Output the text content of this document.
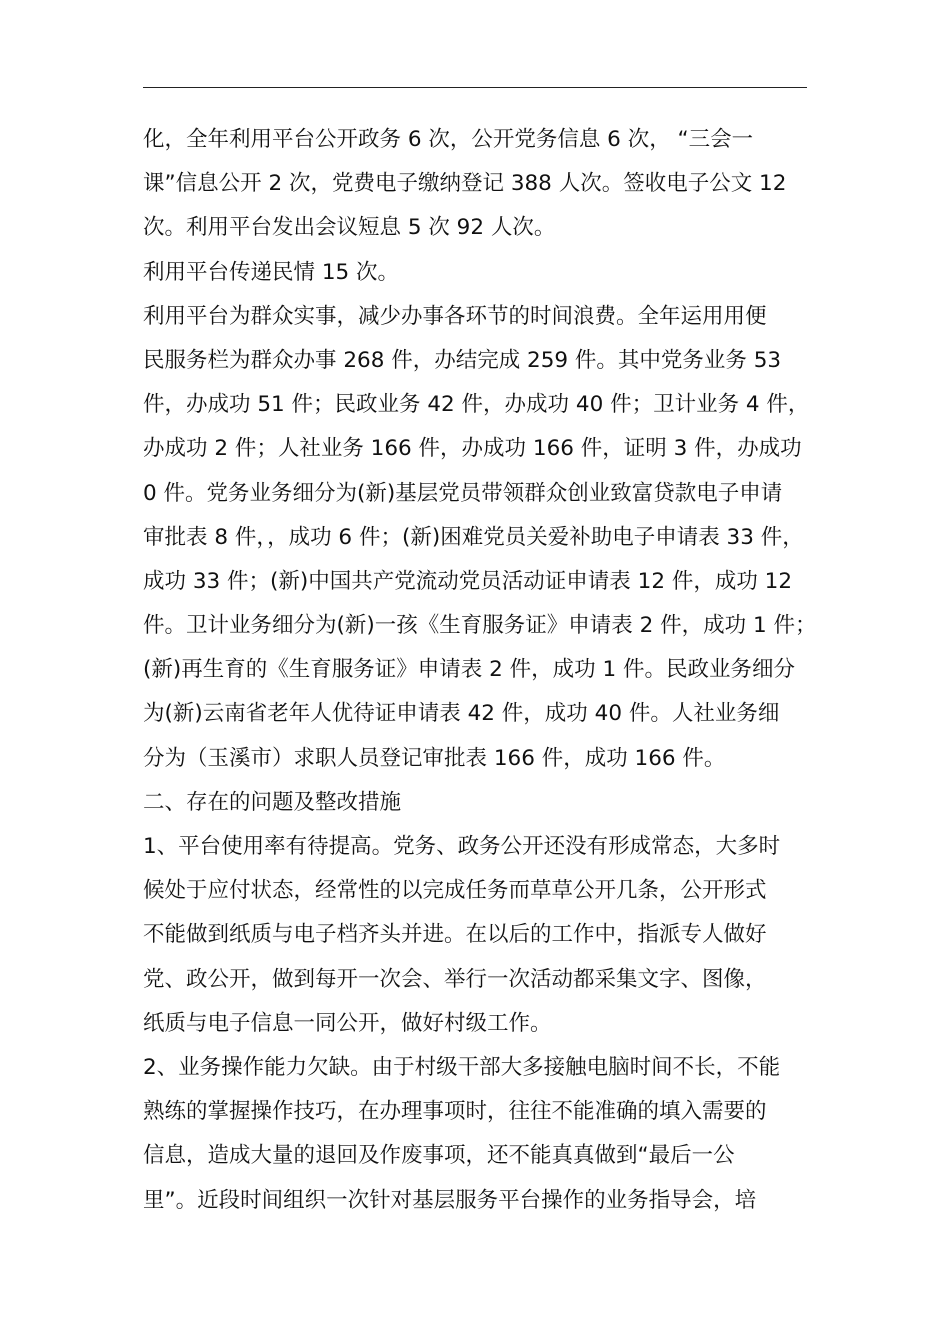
化，全年利用平台公开政务 6 次，公开党务信息 6 次， “三会一
课”信息公开 2 次，党费电子缴纳登记 388 人次。签收电子公文 12
次。利用平台发出会议短息 5 次 92 人次。
利用平台传递民情 15 次。
利用平台为群众实事，减少办事各环节的时间浪费。全年运用用便
民服务栏为群众办事 268 件，办结完成 259 件。其中党务业务 53
件，办成功 51 件；民政业务 42 件，办成功 40 件；卫计业务 4 件，
办成功 2 件；人社业务 166 件，办成功 166 件，证明 3 件，办成功
0 件。党务业务细分为(新)基层党员带领群众创业致富贷款电子申请
审批表 8 件，，成功 6 件；(新)困难党员关爱补助电子申请表 33 件，
成功 33 件；(新)中国共产党流动党员活动证申请表 12 件，成功 12
件。卫计业务细分为(新)一孩《生育服务证》申请表 2 件，成功 1 件；
(新)再生育的《生育服务证》申请表 2 件，成功 1 件。民政业务细分
为(新)云南省老年人优待证申请表 42 件，成功 40 件。人社业务细
分为（玉溪市）求职人员登记审批表 166 件，成功 166 件。
二、存在的问题及整改措施
1、平台使用率有待提高。党务、政务公开还没有形成常态，大多时
候处于应付状态，经常性的以完成任务而草草公开几条，公开形式
不能做到纸质与电子档齐头并进。在以后的工作中，指派专人做好
党、政公开，做到每开一次会、举行一次活动都采集文字、图像，
纸质与电子信息一同公开，做好村级工作。
2、业务操作能力欠缺。由于村级干部大多接触电脑时间不长，不能
熟练的掌握操作技巧，在办理事项时，往往不能准确的填入需要的
信息，造成大量的退回及作废事项，还不能真真做到“最后一公
里”。近段时间组织一次针对基层服务平台操作的业务指导会，培
